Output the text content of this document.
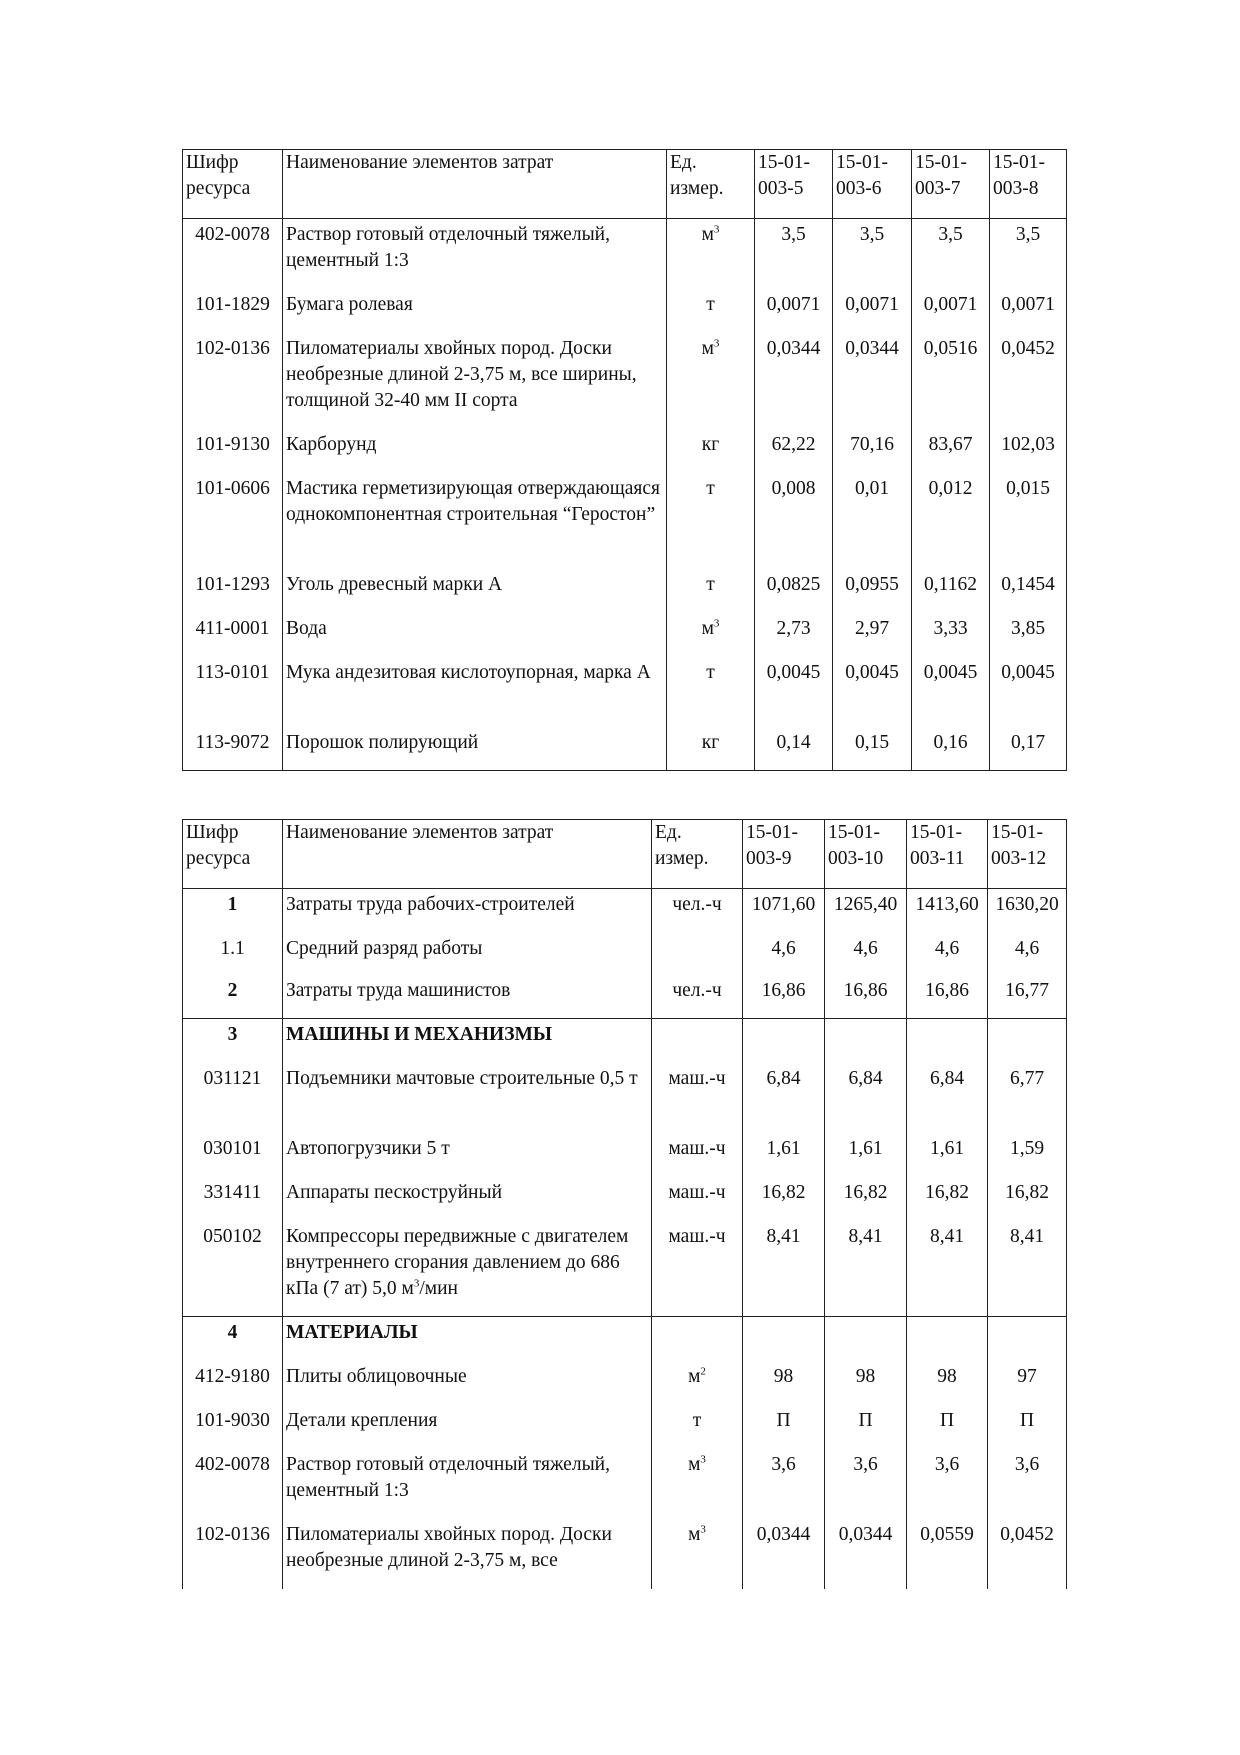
Шифр ресурса	Наименование элементов затрат	Ед. измер.	15-01-003-5	15-01-003-6	15-01-003-7	15-01-003-8
402-0078	Раствор готовый отделочный тяжелый, цементный 1:3	$м^3$	3,5	3,5	3,5	3,5
101-1829	Бумага ролевая	т	0,0071	0,0071	0,0071	0,0071
102-0136	Пиломатериалы хвойных пород. Доски необрезные длиной 2-3,75 м, все ширины, толщиной 32-40 мм II сорта	$м^3$	0,0344	0,0344	0,0516	0,0452
101-9130	Карборунд	кг	62,22	70,16	83,67	102,03
101-0606	Мастика герметизирующая отверждающаяся однокомпонентная строительная “Героcтон”	т	0,008	0,01	0,012	0,015
101-1293	Уголь древесный марки А	т	0,0825	0,0955	0,1162	0,1454
411-0001	Вода	$м^3$	2,73	2,97	3,33	3,85
113-0101	Мука андезитовая кислотоупорная, марка А	т	0,0045	0,0045	0,0045	0,0045
113-9072	Порошок полирующий	кг	0,14	0,15	0,16	0,17
Шифр ресурса	Наименование элементов затрат	Ед. измер.	15-01-003-9	15-01-003-10	15-01-003-11	15-01-003-12
1	Затраты труда рабочих-строителей	чел.-ч	1071,60	1265,40	1413,60	1630,20
1.1	Средний разряд работы		4,6	4,6	4,6	4,6
2	Затраты труда машинистов	чел.-ч	16,86	16,86	16,86	16,77
3	МАШИНЫ И МЕХАНИЗМЫ					
031121	Подъемники мачтовые строительные 0,5 т	маш.-ч	6,84	6,84	6,84	6,77
030101	Автопогрузчики 5 т	маш.-ч	1,61	1,61	1,61	1,59
331411	Аппараты пескоструйный	маш.-ч	16,82	16,82	16,82	16,82
050102	Компрессоры передвижные с двигателем внутреннего сгорания давлением до 686 кПа (7 ат) 5,0 $м^3$/мин	маш.-ч	8,41	8,41	8,41	8,41
4	МАТЕРИАЛЫ					
412-9180	Плиты облицовочные	$м^2$	98	98	98	97
101-9030	Детали крепления	т	П	П	П	П
402-0078	Раствор готовый отделочный тяжелый, цементный 1:3	$м^3$	3,6	3,6	3,6	3,6
102-0136	Пиломатериалы хвойных пород. Доски необрезные длиной 2-3,75 м, все	$м^3$	0,0344	0,0344	0,0559	0,0452
